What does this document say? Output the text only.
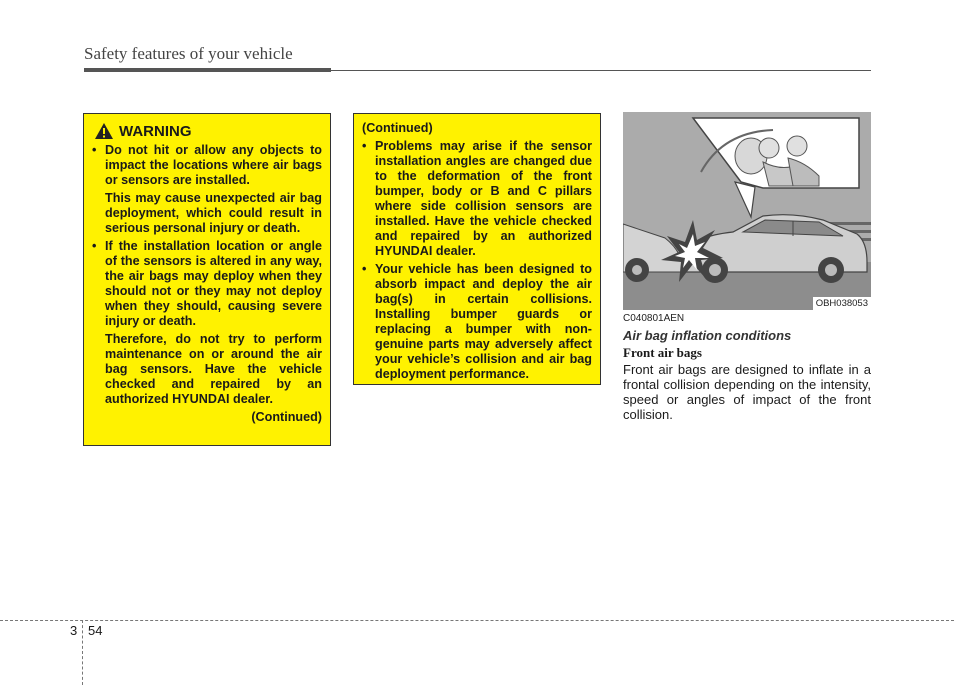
Safety features of your vehicle
WARNING
• Do not hit or allow any objects to impact the locations where air bags or sensors are installed.
This may cause unexpected air bag deployment, which could result in serious personal injury or death.
• If the installation location or angle of the sensors is altered in any way, the air bags may deploy when they should not or they may not deploy when they should, causing severe injury or death.
Therefore, do not try to perform maintenance on or around the air bag sensors. Have the vehicle checked and repaired by an authorized HYUNDAI dealer.
(Continued)
(Continued)
• Problems may arise if the sensor installation angles are changed due to the deformation of the front bumper, body or B and C pillars where side collision sensors are installed. Have the vehicle checked and repaired by an authorized HYUNDAI dealer.
• Your vehicle has been designed to absorb impact and deploy the air bag(s) in certain collisions. Installing bumper guards or replacing a bumper with non-genuine parts may adversely affect your vehicle’s collision and air bag deployment performance.
OBH038053
C040801AEN
Air bag inflation conditions
Front air bags
Front air bags are designed to inflate in a frontal collision depending on the intensity, speed or angles of impact of the front collision.
3 54
